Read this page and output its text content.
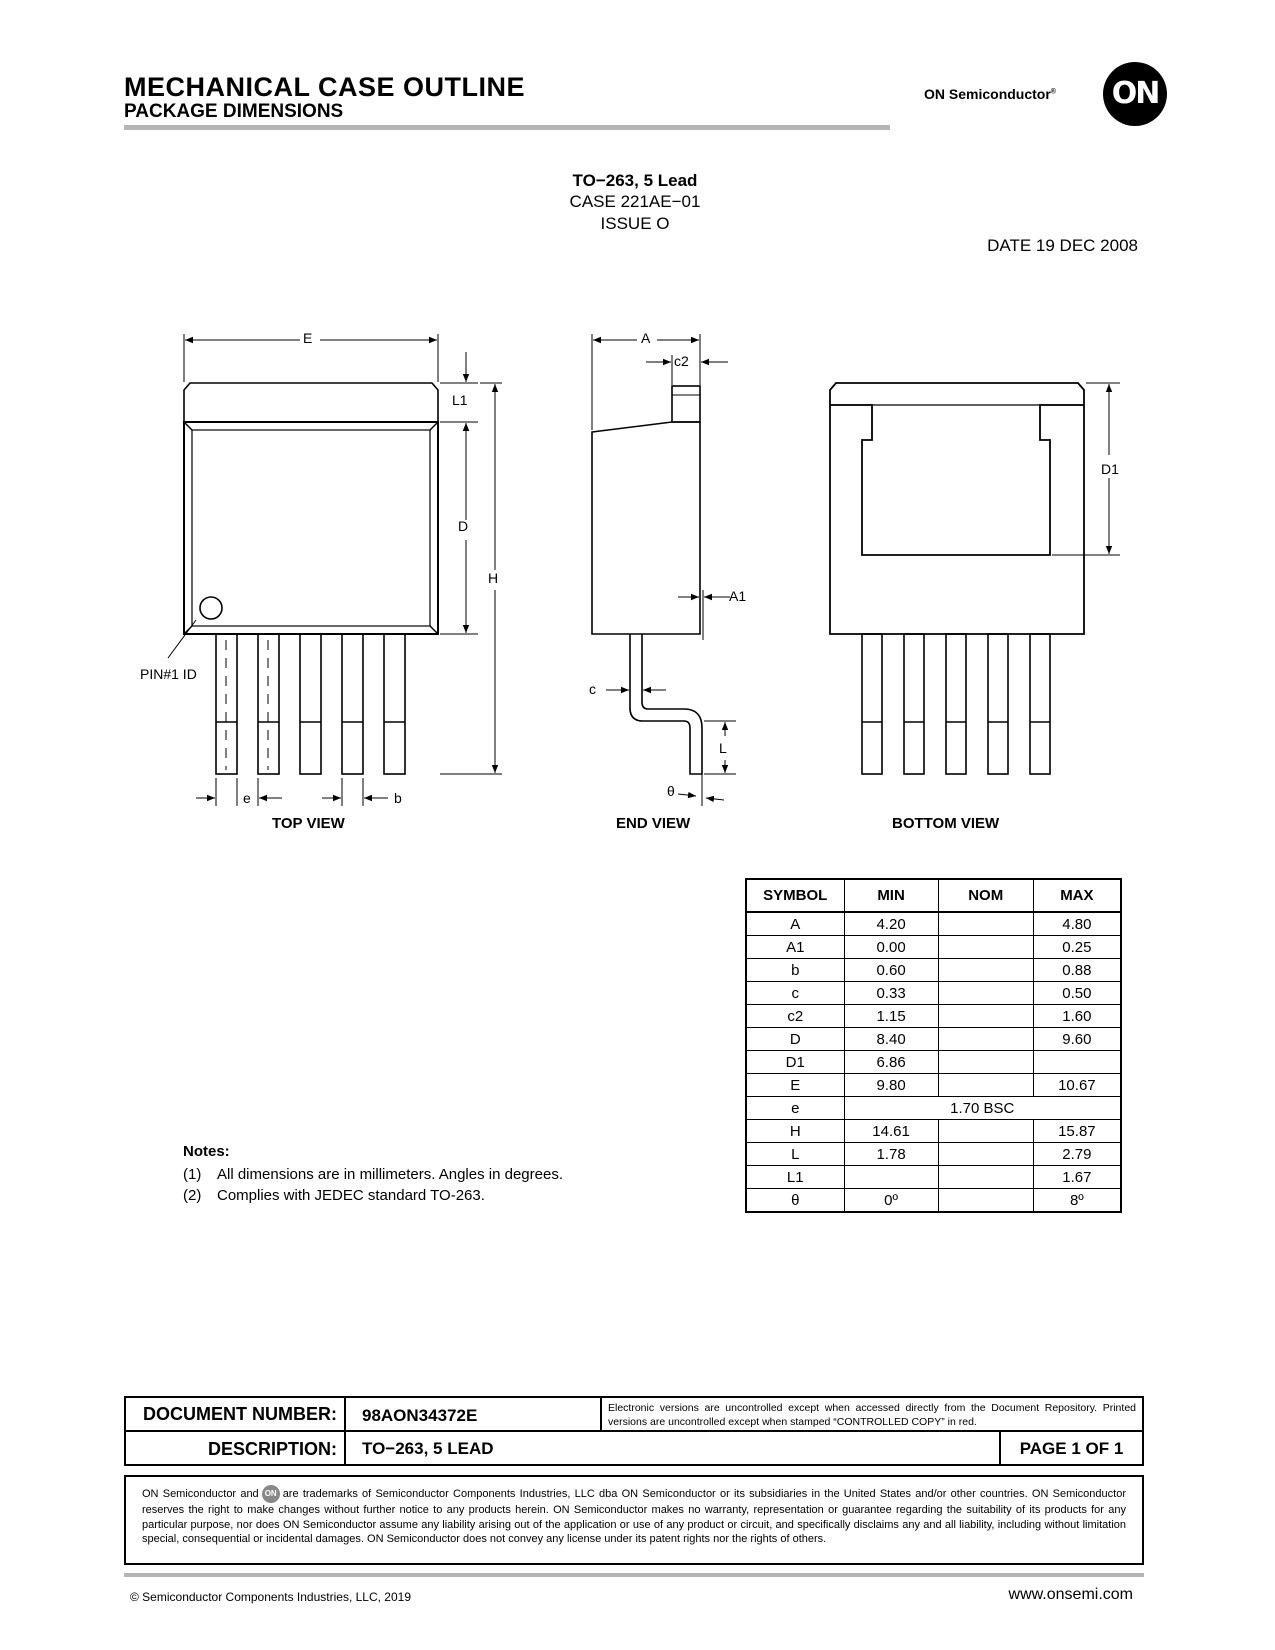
MECHANICAL CASE OUTLINE
PACKAGE DIMENSIONS
ON Semiconductor® ON
TO−263, 5 Lead
CASE 221AE−01
ISSUE O
DATE 19 DEC 2008
E
L1
D
H
PIN#1 ID
e	b
A
c2
A1
c
L
θ
D1
TOP VIEW	END VIEW	BOTTOM VIEW
SYMBOL	MIN	NOM	MAX
A	4.20		4.80
A1	0.00		0.25
b	0.60		0.88
c	0.33		0.50
c2	1.15		1.60
D	8.40		9.60
D1	6.86		
E	9.80		10.67
e	1.70 BSC		
H	14.61		15.87
L	1.78		2.79
L1			1.67
θ	0º		8º
Notes:
(1) All dimensions are in millimeters. Angles in degrees.
(2) Complies with JEDEC standard TO-263.
DOCUMENT NUMBER:	98AON34372E	Electronic versions are uncontrolled except when accessed directly from the Document Repository. Printed versions are uncontrolled except when stamped “CONTROLLED COPY” in red.
DESCRIPTION:	TO−263, 5 LEAD	PAGE 1 OF 1
ON Semiconductor and ON are trademarks of Semiconductor Components Industries, LLC dba ON Semiconductor or its subsidiaries in the United States and/or other countries. ON Semiconductor reserves the right to make changes without further notice to any products herein. ON Semiconductor makes no warranty, representation or guarantee regarding the suitability of its products for any particular purpose, nor does ON Semiconductor assume any liability arising out of the application or use of any product or circuit, and specifically disclaims any and all liability, including without limitation special, consequential or incidental damages. ON Semiconductor does not convey any license under its patent rights nor the rights of others.
© Semiconductor Components Industries, LLC, 2019	www.onsemi.com
